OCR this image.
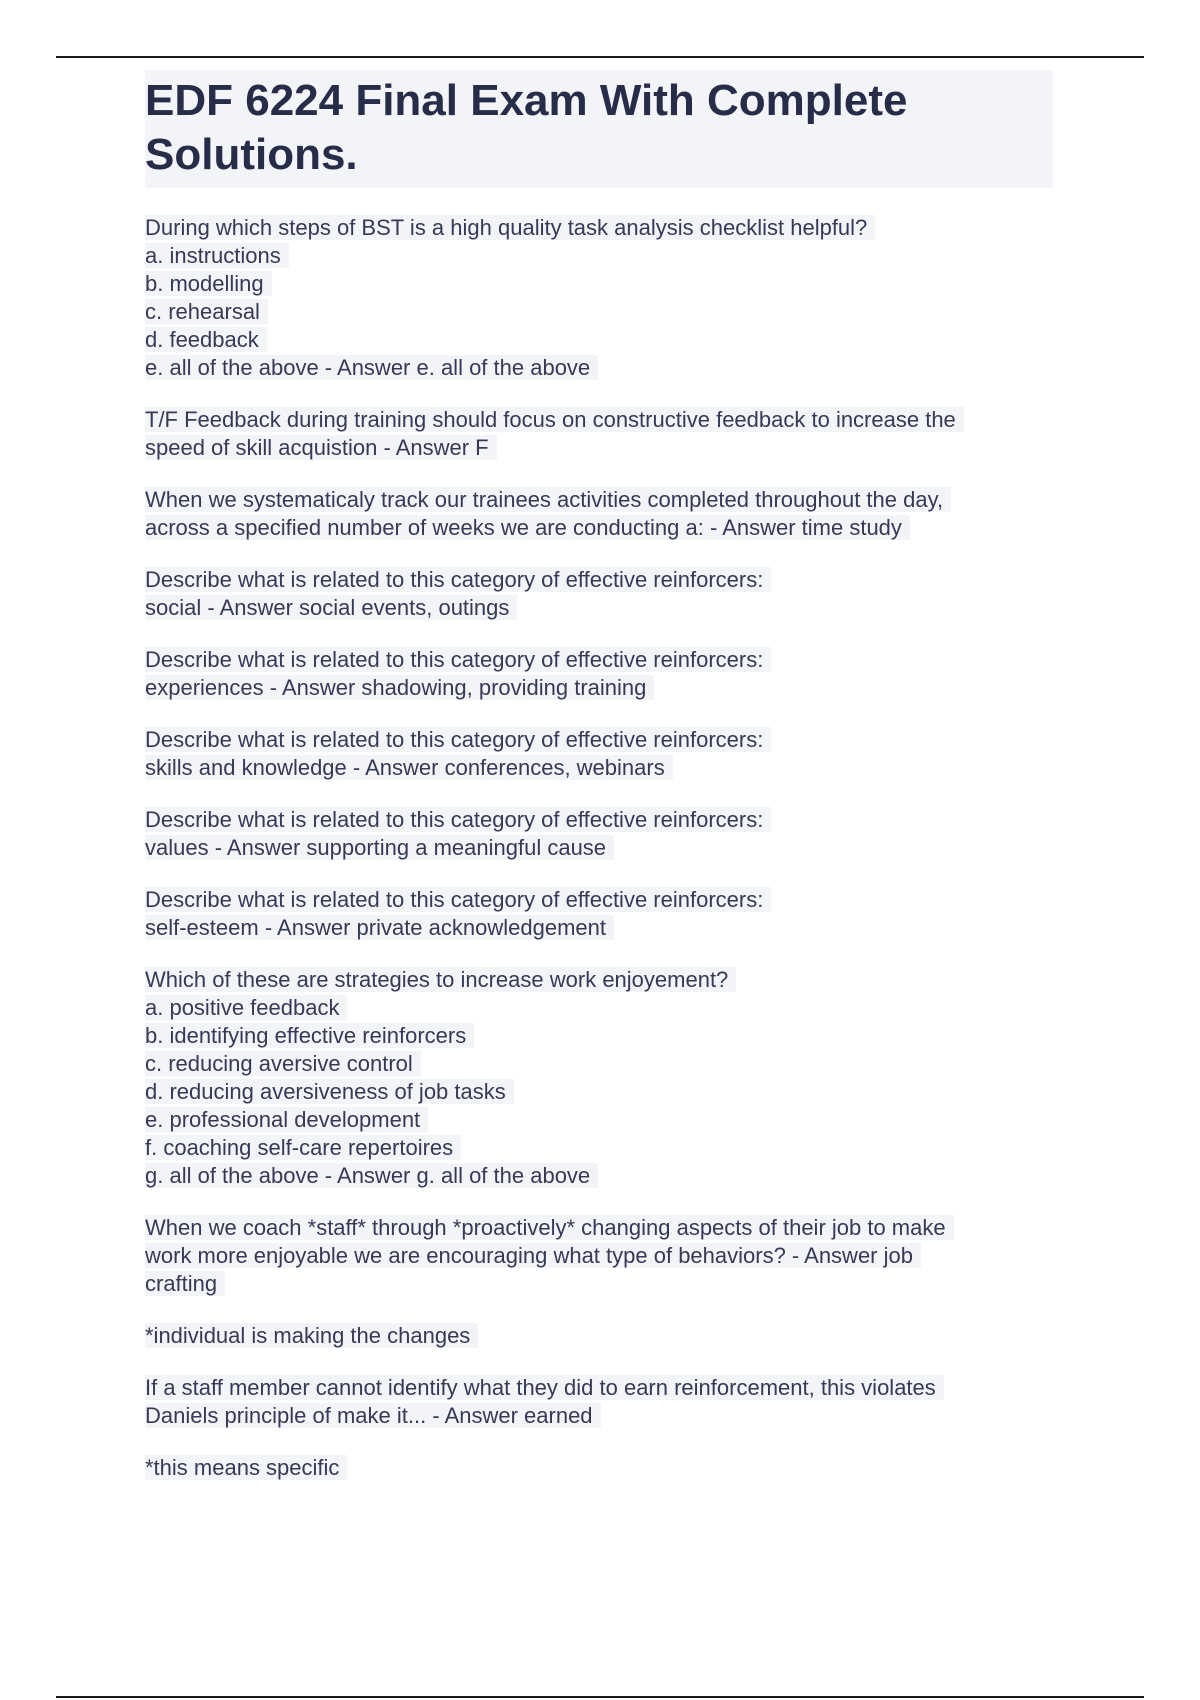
EDF 6224 Final Exam With Complete
Solutions.
During which steps of BST is a high quality task analysis checklist helpful?
a. instructions
b. modelling
c. rehearsal
d. feedback
e. all of the above - Answer e. all of the above
T/F Feedback during training should focus on constructive feedback to increase the
speed of skill acquistion - Answer F
When we systematicaly track our trainees activities completed throughout the day,
across a specified number of weeks we are conducting a: - Answer time study
Describe what is related to this category of effective reinforcers:
social - Answer social events, outings
Describe what is related to this category of effective reinforcers:
experiences - Answer shadowing, providing training
Describe what is related to this category of effective reinforcers:
skills and knowledge - Answer conferences, webinars
Describe what is related to this category of effective reinforcers:
values - Answer supporting a meaningful cause
Describe what is related to this category of effective reinforcers:
self-esteem - Answer private acknowledgement
Which of these are strategies to increase work enjoyement?
a. positive feedback
b. identifying effective reinforcers
c. reducing aversive control
d. reducing aversiveness of job tasks
e. professional development
f. coaching self-care repertoires
g. all of the above - Answer g. all of the above
When we coach *staff* through *proactively* changing aspects of their job to make
work more enjoyable we are encouraging what type of behaviors? - Answer job
crafting
*individual is making the changes
If a staff member cannot identify what they did to earn reinforcement, this violates
Daniels principle of make it... - Answer earned
*this means specific
